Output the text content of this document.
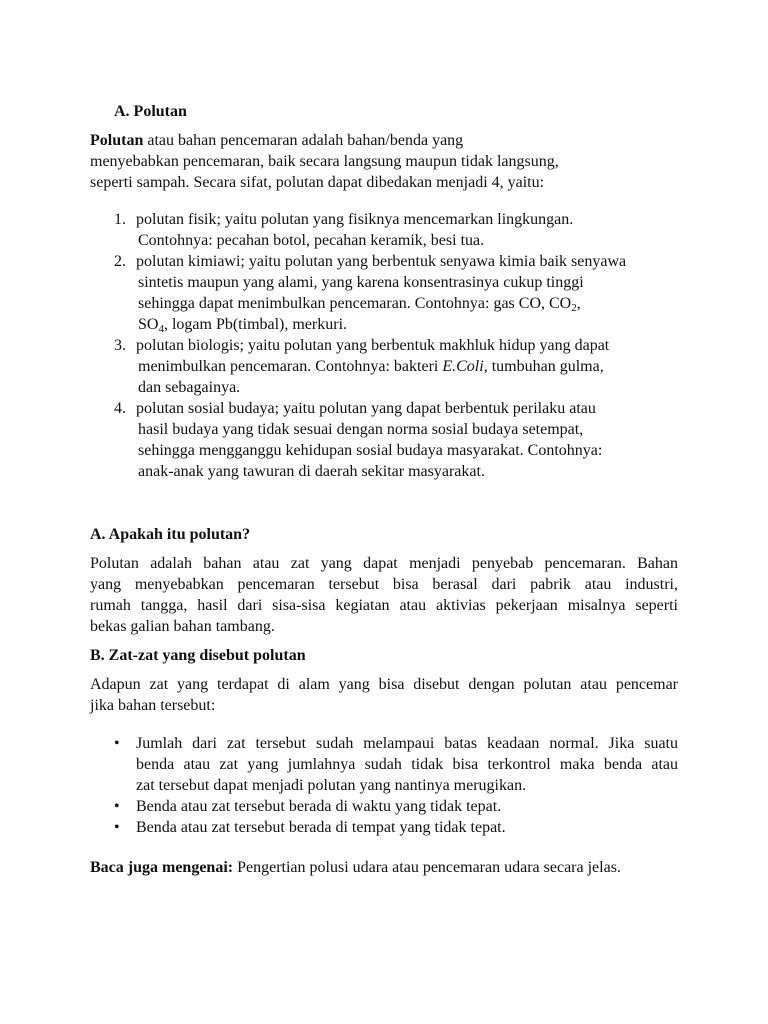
A. Polutan

Polutan atau bahan pencemaran adalah bahan/benda yang
menyebabkan pencemaran, baik secara langsung maupun tidak langsung,
seperti sampah. Secara sifat, polutan dapat dibedakan menjadi 4, yaitu:

1. polutan fisik; yaitu polutan yang fisiknya mencemarkan lingkungan.
Contohnya: pecahan botol, pecahan keramik, besi tua.
2. polutan kimiawi; yaitu polutan yang berbentuk senyawa kimia baik senyawa
sintetis maupun yang alami, yang karena konsentrasinya cukup tinggi
sehingga dapat menimbulkan pencemaran. Contohnya: gas CO, $CO_2$,
$SO_4$, logam Pb(timbal), merkuri.
3. polutan biologis; yaitu polutan yang berbentuk makhluk hidup yang dapat
menimbulkan pencemaran. Contohnya: bakteri E.Coli, tumbuhan gulma,
dan sebagainya.
4. polutan sosial budaya; yaitu polutan yang dapat berbentuk perilaku atau
hasil budaya yang tidak sesuai dengan norma sosial budaya setempat,
sehingga mengganggu kehidupan sosial budaya masyarakat. Contohnya:
anak-anak yang tawuran di daerah sekitar masyarakat.
A. Apakah itu polutan?

Polutan adalah bahan atau zat yang dapat menjadi penyebab pencemaran. Bahan
yang menyebabkan pencemaran tersebut bisa berasal dari pabrik atau industri,
rumah tangga, hasil dari sisa-sisa kegiatan atau aktivias pekerjaan misalnya seperti
bekas galian bahan tambang.

B. Zat-zat yang disebut polutan

Adapun zat yang terdapat di alam yang bisa disebut dengan polutan atau pencemar
jika bahan tersebut:

• Jumlah dari zat tersebut sudah melampaui batas keadaan normal. Jika suatu
benda atau zat yang jumlahnya sudah tidak bisa terkontrol maka benda atau
zat tersebut dapat menjadi polutan yang nantinya merugikan.
• Benda atau zat tersebut berada di waktu yang tidak tepat.
• Benda atau zat tersebut berada di tempat yang tidak tepat.

Baca juga mengenai: Pengertian polusi udara atau pencemaran udara secara jelas.
